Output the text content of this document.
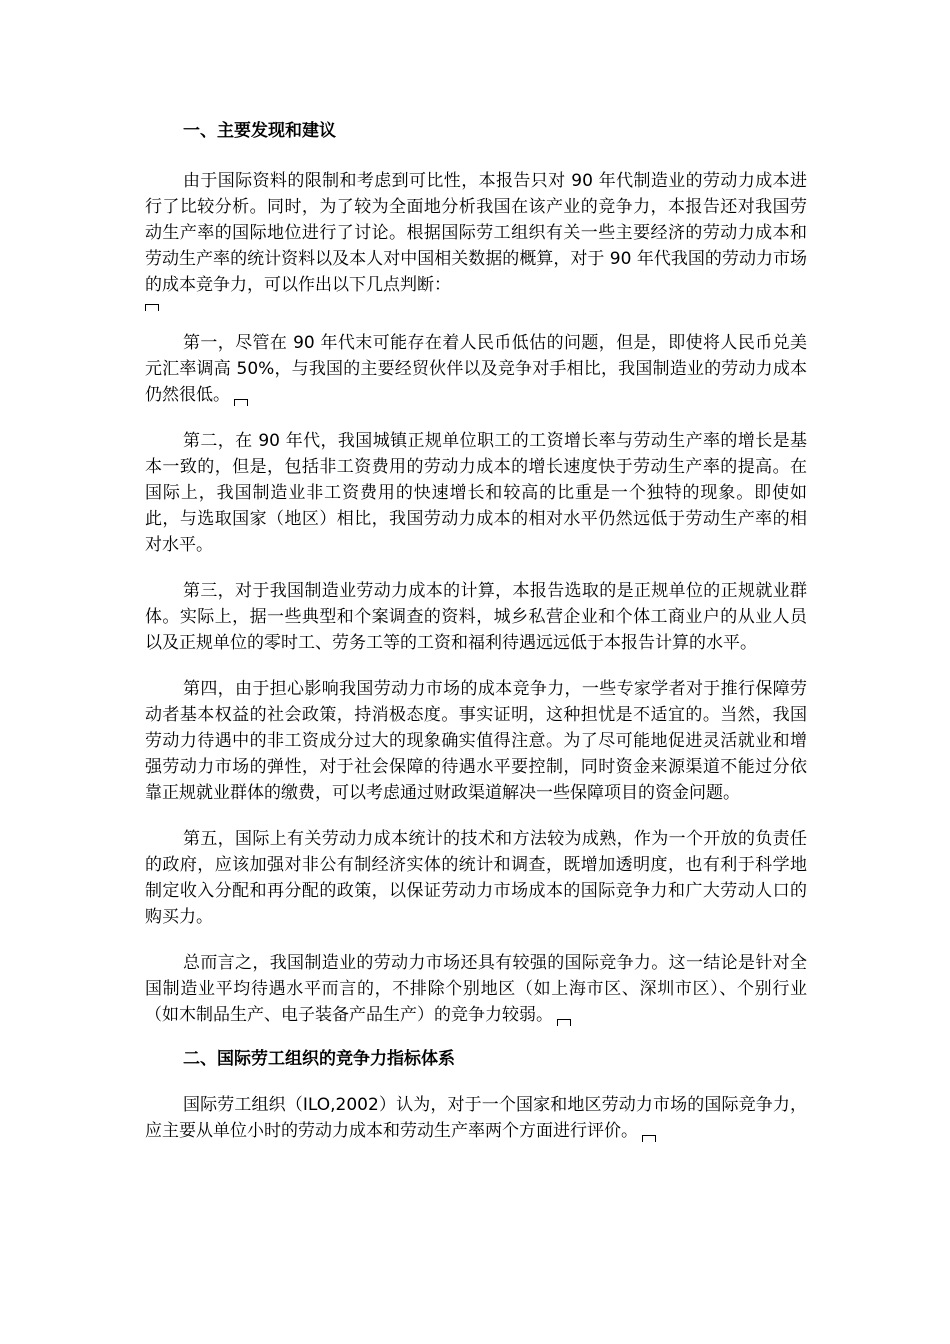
一、主要发现和建议

由于国际资料的限制和考虑到可比性，本报告只对 90 年代制造业的劳动力成本进行了比较分析。同时，为了较为全面地分析我国在该产业的竞争力，本报告还对我国劳动生产率的国际地位进行了讨论。根据国际劳工组织有关一些主要经济的劳动力成本和劳动生产率的统计资料以及本人对中国相关数据的概算，对于 90 年代我国的劳动力市场的成本竞争力，可以作出以下几点判断：

第一，尽管在 90 年代末可能存在着人民币低估的问题，但是，即使将人民币兑美元汇率调高 50%，与我国的主要经贸伙伴以及竞争对手相比，我国制造业的劳动力成本仍然很低。

第二，在 90 年代，我国城镇正规单位职工的工资增长率与劳动生产率的增长是基本一致的，但是，包括非工资费用的劳动力成本的增长速度快于劳动生产率的提高。在国际上，我国制造业非工资费用的快速增长和较高的比重是一个独特的现象。即使如此，与选取国家（地区）相比，我国劳动力成本的相对水平仍然远低于劳动生产率的相对水平。

第三，对于我国制造业劳动力成本的计算，本报告选取的是正规单位的正规就业群体。实际上，据一些典型和个案调查的资料，城乡私营企业和个体工商业户的从业人员以及正规单位的零时工、劳务工等的工资和福利待遇远远低于本报告计算的水平。

第四，由于担心影响我国劳动力市场的成本竞争力，一些专家学者对于推行保障劳动者基本权益的社会政策，持消极态度。事实证明，这种担忧是不适宜的。当然，我国劳动力待遇中的非工资成分过大的现象确实值得注意。为了尽可能地促进灵活就业和增强劳动力市场的弹性，对于社会保障的待遇水平要控制，同时资金来源渠道不能过分依靠正规就业群体的缴费，可以考虑通过财政渠道解决一些保障项目的资金问题。

第五，国际上有关劳动力成本统计的技术和方法较为成熟，作为一个开放的负责任的政府，应该加强对非公有制经济实体的统计和调查，既增加透明度，也有利于科学地制定收入分配和再分配的政策，以保证劳动力市场成本的国际竞争力和广大劳动人口的购买力。

总而言之，我国制造业的劳动力市场还具有较强的国际竞争力。这一结论是针对全国制造业平均待遇水平而言的，不排除个别地区（如上海市区、深圳市区）、个别行业（如木制品生产、电子装备产品生产）的竞争力较弱。

二、国际劳工组织的竞争力指标体系

国际劳工组织（ILO,2002）认为，对于一个国家和地区劳动力市场的国际竞争力，应主要从单位小时的劳动力成本和劳动生产率两个方面进行评价。
